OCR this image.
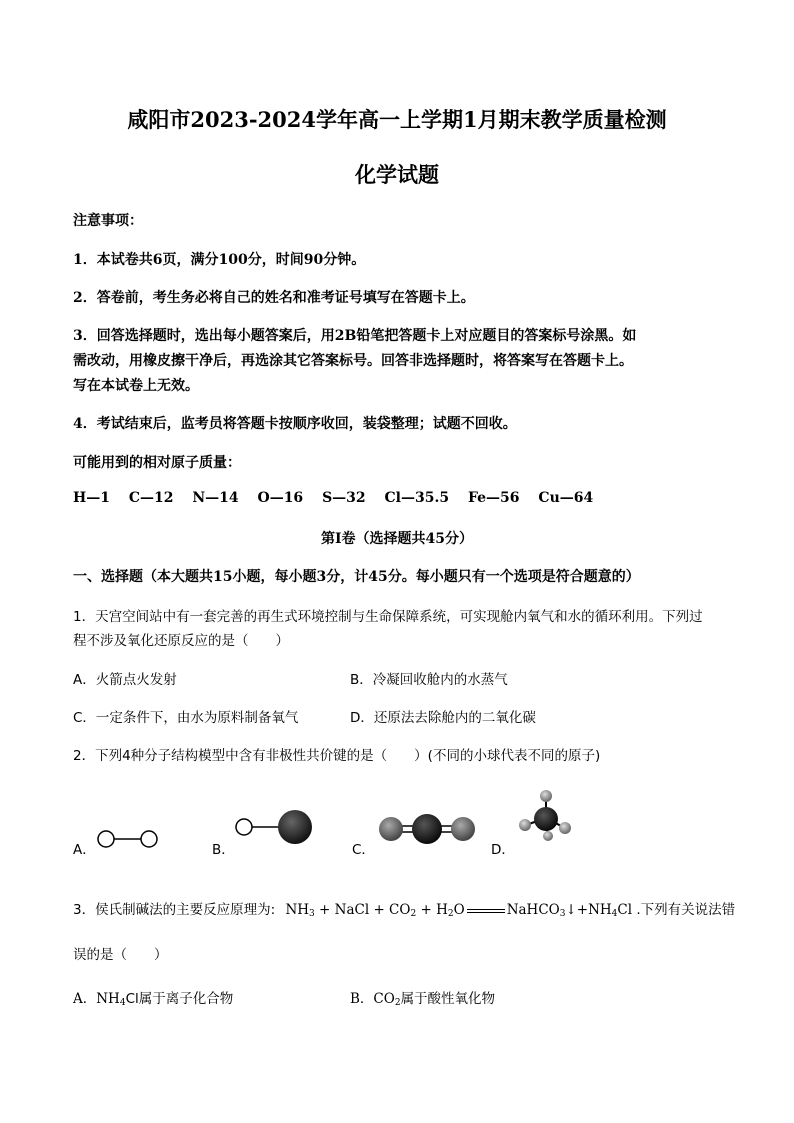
咸阳市2023-2024学年高一上学期1月期末教学质量检测
化学试题
注意事项：
1．本试卷共6页，满分100分，时间90分钟。
2．答卷前，考生务必将自己的姓名和准考证号填写在答题卡上。
3．回答选择题时，选出每小题答案后，用2B铅笔把答题卡上对应题目的答案标号涂黑。如
需改动，用橡皮擦干净后，再选涂其它答案标号。回答非选择题时，将答案写在答题卡上。
写在本试卷上无效。
4．考试结束后，监考员将答题卡按顺序收回，装袋整理；试题不回收。
可能用到的相对原子质量：
H—1 C—12 N—14 O—16 S—32 Cl—35.5 Fe—56 Cu—64
第Ⅰ卷（选择题共45分）
一、选择题（本大题共15小题，每小题3分，计45分。每小题只有一个选项是符合题意的）
1．天宫空间站中有一套完善的再生式环境控制与生命保障系统，可实现舱内氧气和水的循环利用。下列过
程不涉及氧化还原反应的是（　　）
A．火箭点火发射	B．冷凝回收舱内的水蒸气
C．一定条件下，由水为原料制备氧气	D．还原法去除舱内的二氧化碳
2．下列4种分子结构模型中含有非极性共价键的是（　　）(不同的小球代表不同的原子)
A．	B．	C．	D．
3．侯氏制碱法的主要反应原理为: $NH_3$ + NaCl + $CO_2 + H_2O$	$NaHCO_3↓+NH_4Cl$ .下列有关说法错
误的是（　　）
A．$NH_4Cl$属于离子化合物	B．$CO_2$属于酸性氧化物
